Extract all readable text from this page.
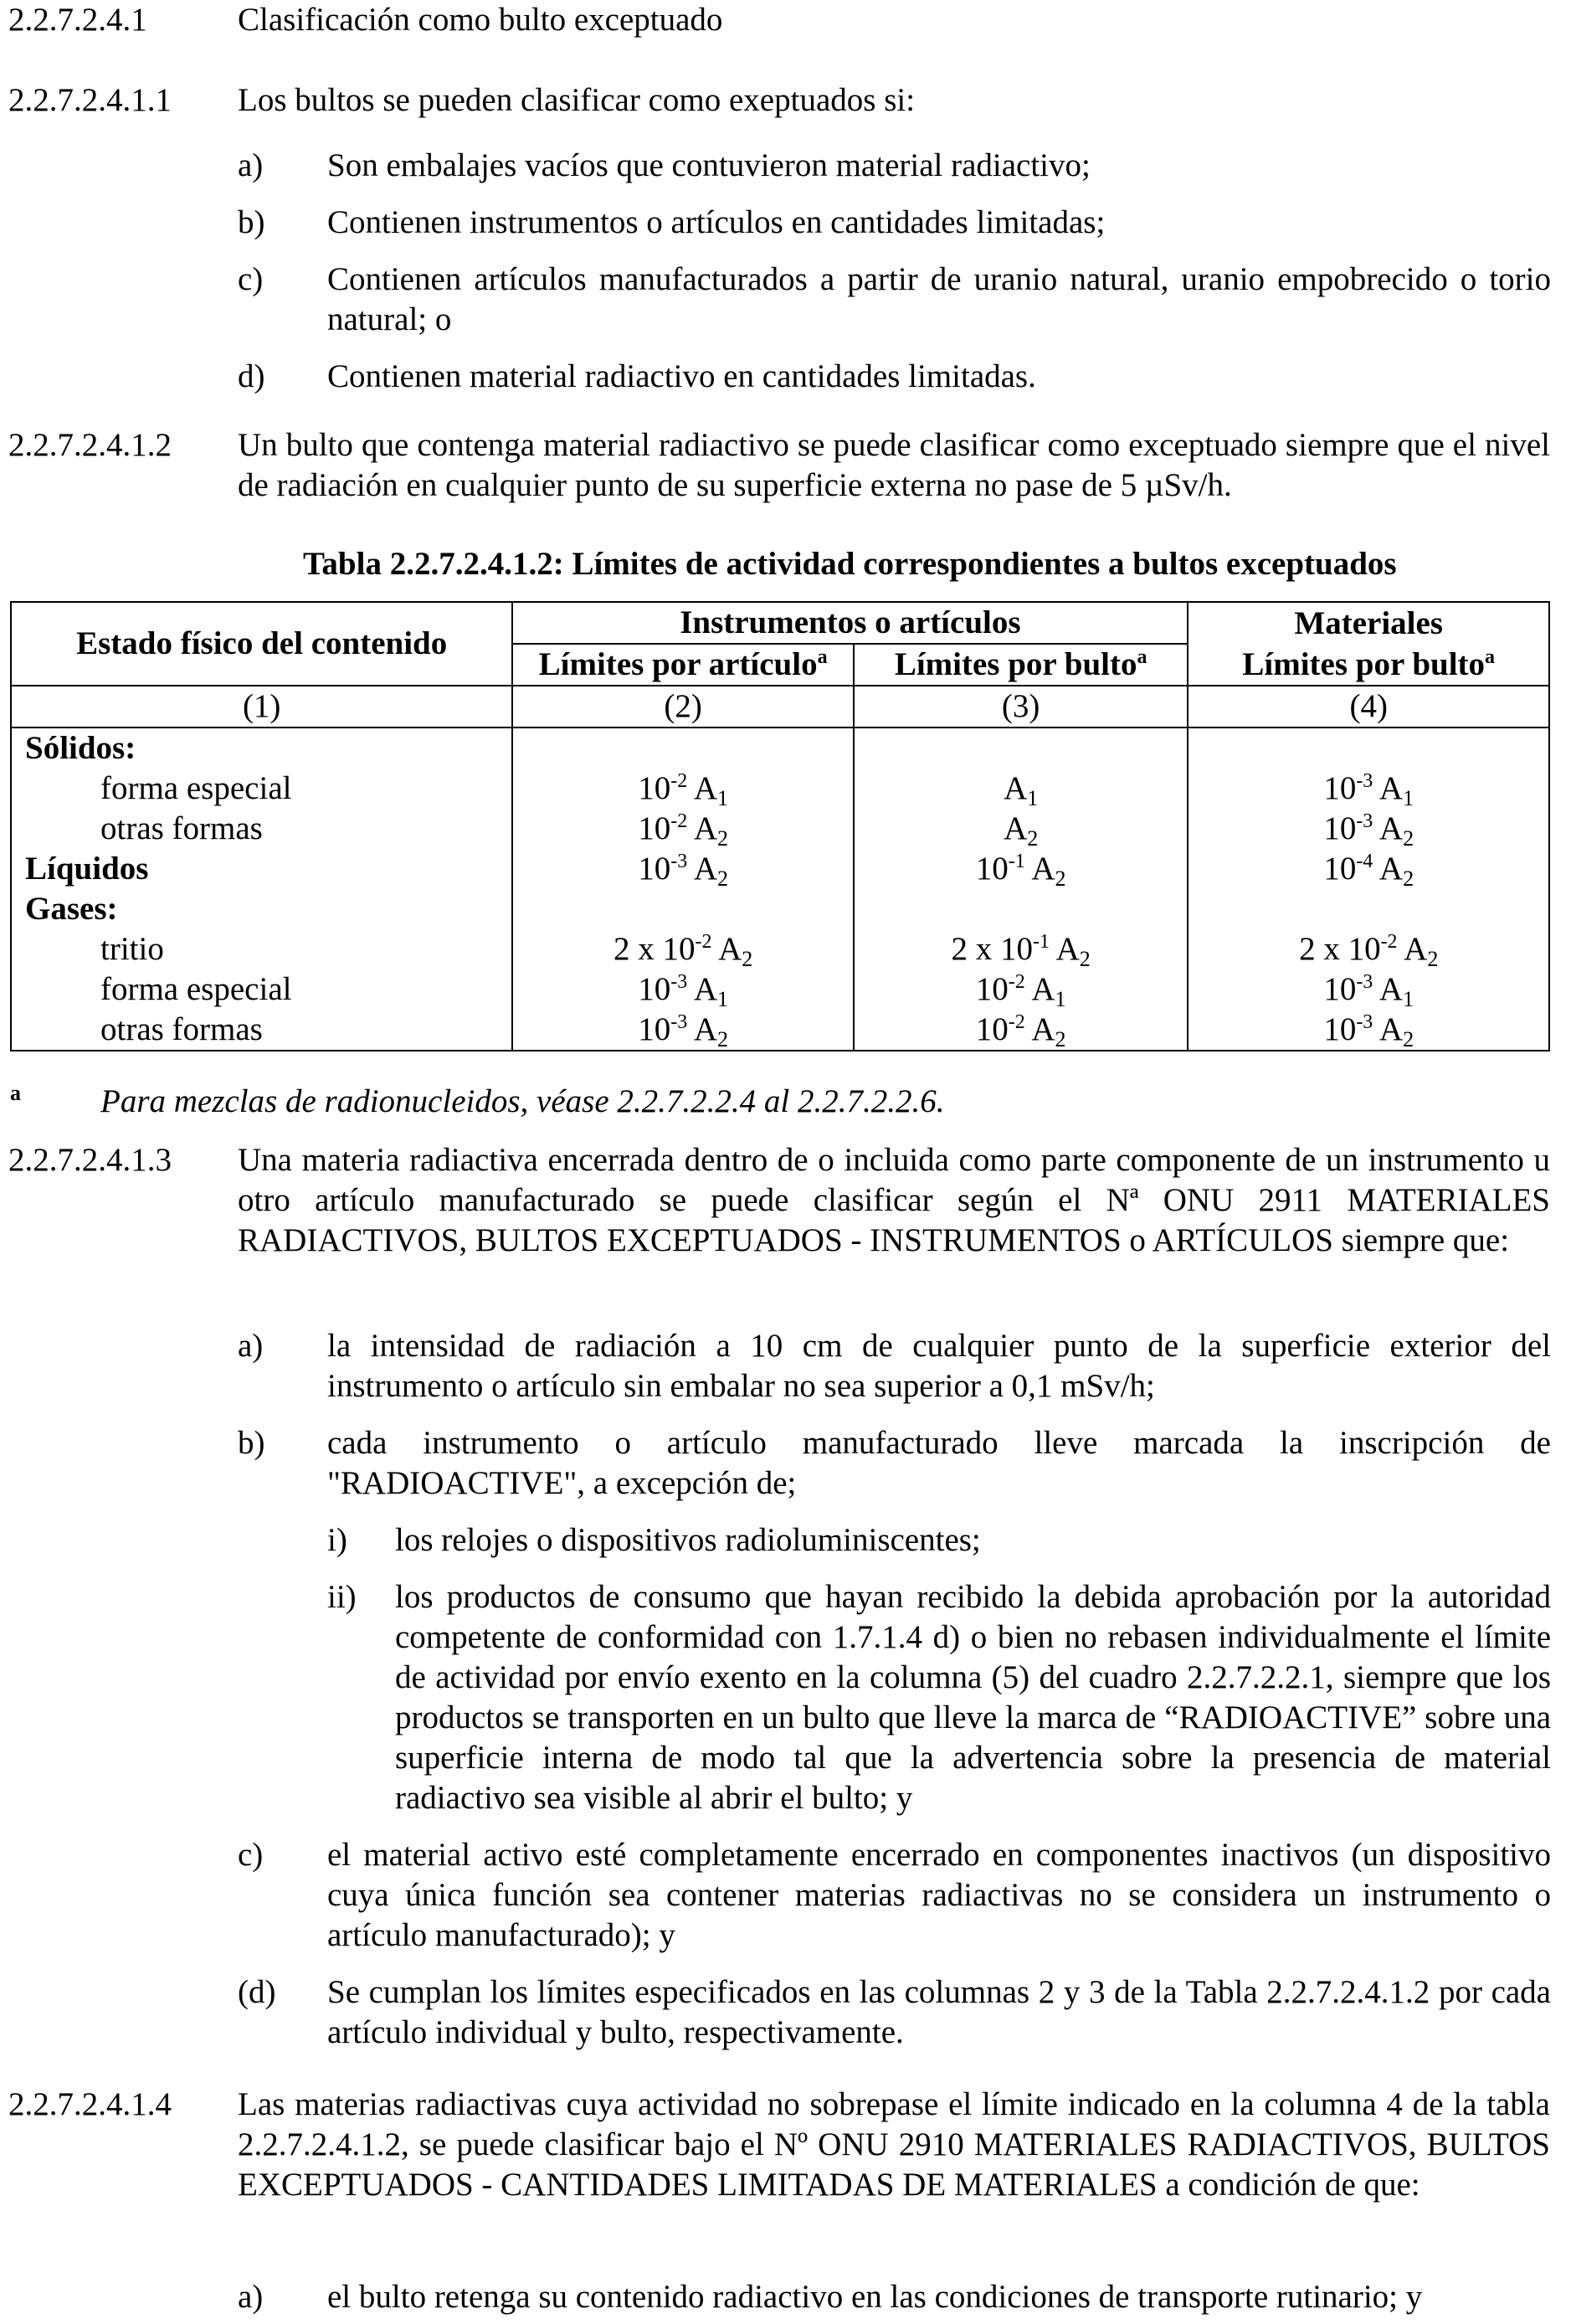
2.2.7.2.4.1	Clasificación como bulto exceptuado
2.2.7.2.4.1.1 Los bultos se pueden clasificar como exeptuados si:
a) Son embalajes vacíos que contuvieron material radiactivo;
b) Contienen instrumentos o artículos en cantidades limitadas;
c) Contienen artículos manufacturados a partir de uranio natural, uranio empobrecido o torio natural; o
d) Contienen material radiactivo en cantidades limitadas.
2.2.7.2.4.1.2 Un bulto que contenga material radiactivo se puede clasificar como exceptuado siempre que el nivel de radiación en cualquier punto de su superficie externa no pase de 5 µSv/h.
Tabla 2.2.7.2.4.1.2: Límites de actividad correspondientes a bultos exceptuados
Estado físico del contenido	Instrumentos o artículos		Materiales
	Límites por artículo$^a$	Límites por bulto$^a$	Límites por bulto$^a$
(1)	(2)	(3)	(4)
Sólidos:			
forma especial	$10^{-2}$ $A_1$	$A_1$	$10^{-3}$ $A_1$
otras formas	$10^{-2}$ $A_2$	$A_2$	$10^{-3}$ $A_2$
Líquidos	$10^{-3}$ $A_2$	$10^{-1}$ $A_2$	$10^{-4}$ $A_2$
Gases:			
tritio	2 x $10^{-2}$ $A_2$	2 x $10^{-1}$ $A_2$	2 x $10^{-2}$ $A_2$
forma especial	$10^{-3}$ $A_1$	$10^{-2}$ $A_1$	$10^{-3}$ $A_1$
otras formas	$10^{-3}$ $A_2$	$10^{-2}$ $A_2$	$10^{-3}$ $A_2$
a Para mezclas de radionucleidos, véase 2.2.7.2.2.4 al 2.2.7.2.2.6.
2.2.7.2.4.1.3 Una materia radiactiva encerrada dentro de o incluida como parte componente de un instrumento u otro artículo manufacturado se puede clasificar según el Nª ONU 2911 MATERIALES RADIACTIVOS, BULTOS EXCEPTUADOS - INSTRUMENTOS o ARTÍCULOS siempre que:
a) la intensidad de radiación a 10 cm de cualquier punto de la superficie exterior del instrumento o artículo sin embalar no sea superior a 0,1 mSv/h;
b) cada instrumento o artículo manufacturado lleve marcada la inscripción de "RADIOACTIVE", a excepción de;
i) los relojes o dispositivos radioluminiscentes;
ii) los productos de consumo que hayan recibido la debida aprobación por la autoridad competente de conformidad con 1.7.1.4 d) o bien no rebasen individualmente el límite de actividad por envío exento en la columna (5) del cuadro 2.2.7.2.2.1, siempre que los productos se transporten en un bulto que lleve la marca de “RADIOACTIVE” sobre una superficie interna de modo tal que la advertencia sobre la presencia de material radiactivo sea visible al abrir el bulto; y
c) el material activo esté completamente encerrado en componentes inactivos (un dispositivo cuya única función sea contener materias radiactivas no se considera un instrumento o artículo manufacturado); y
(d) Se cumplan los límites especificados en las columnas 2 y 3 de la Tabla 2.2.7.2.4.1.2 por cada artículo individual y bulto, respectivamente.
2.2.7.2.4.1.4 Las materias radiactivas cuya actividad no sobrepase el límite indicado en la columna 4 de la tabla 2.2.7.2.4.1.2, se puede clasificar bajo el Nº ONU 2910 MATERIALES RADIACTIVOS, BULTOS EXCEPTUADOS - CANTIDADES LIMITADAS DE MATERIALES a condición de que:
a) el bulto retenga su contenido radiactivo en las condiciones de transporte rutinario; y
